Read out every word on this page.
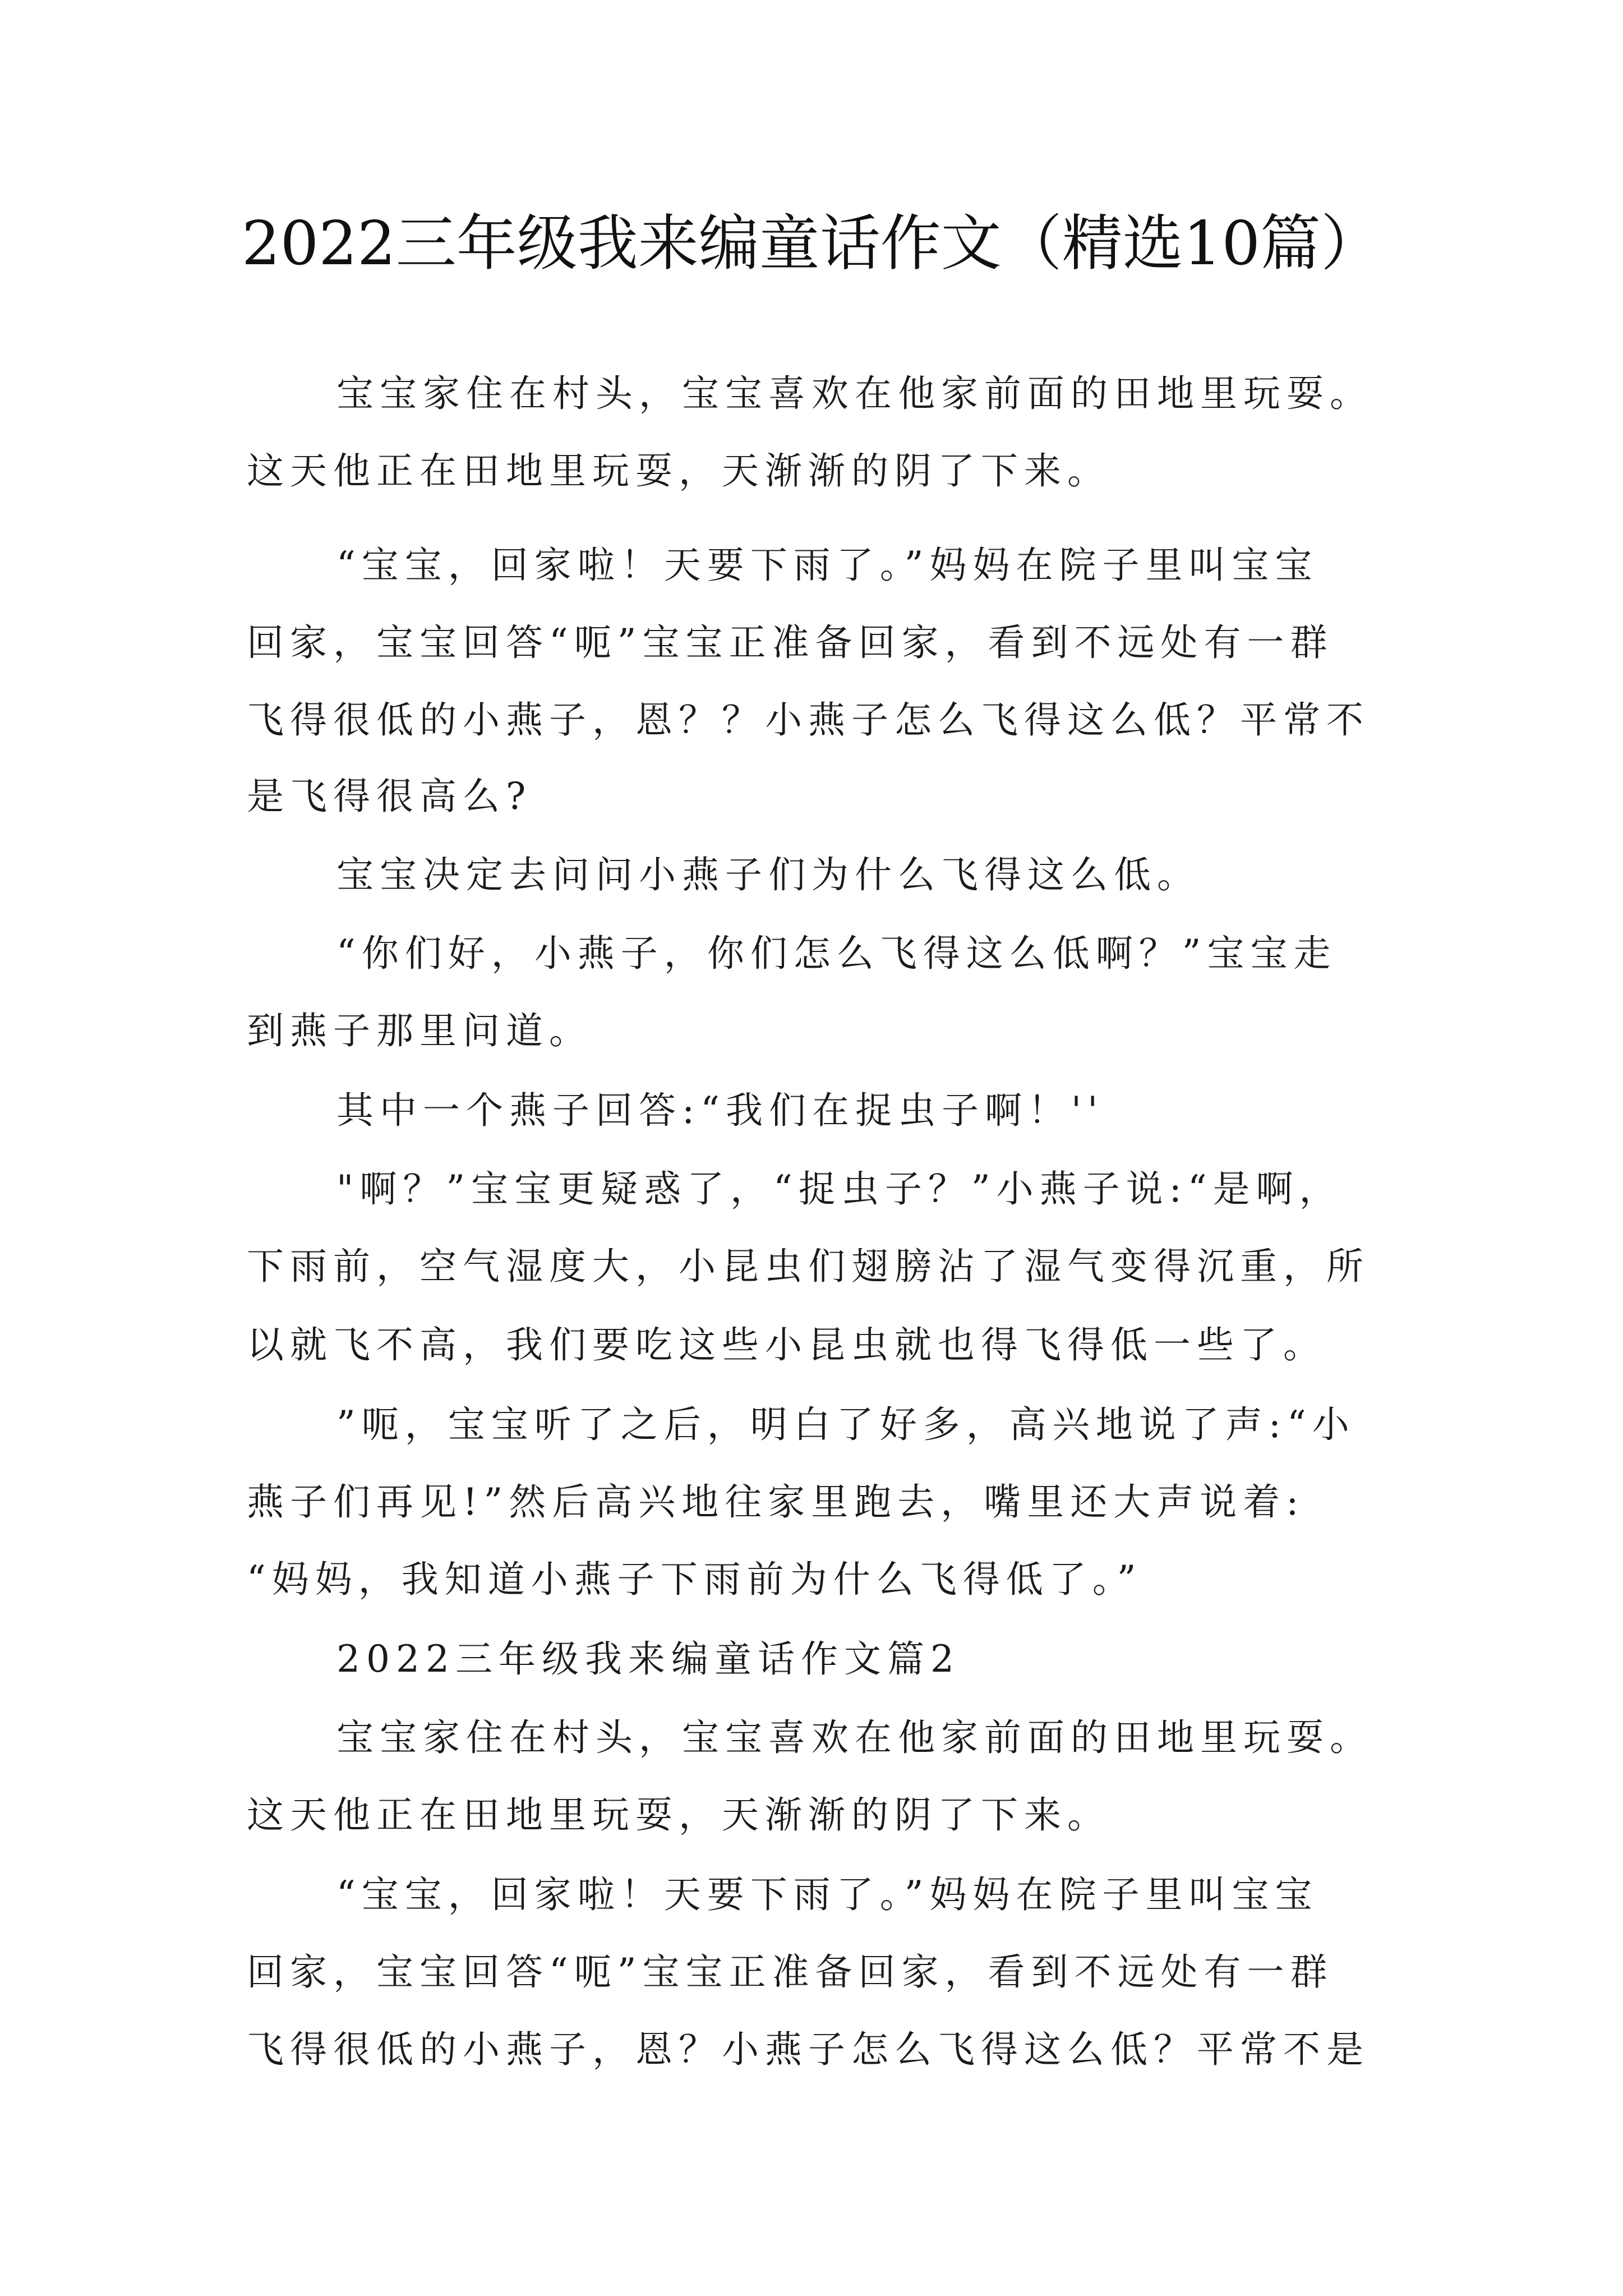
2022三年级我来编童话作文（精选10篇）
宝宝家住在村头，宝宝喜欢在他家前面的田地里玩耍。
这天他正在田地里玩耍，天渐渐的阴了下来。
“宝宝，回家啦！天要下雨了。”妈妈在院子里叫宝宝
回家，宝宝回答“呃”宝宝正准备回家，看到不远处有一群
飞得很低的小燕子，恩？？小燕子怎么飞得这么低？平常不
是飞得很高么?
宝宝决定去问问小燕子们为什么飞得这么低。
“你们好，小燕子，你们怎么飞得这么低啊？”宝宝走
到燕子那里问道。
其中一个燕子回答:“我们在捉虫子啊！''
"啊？”宝宝更疑惑了，“捉虫子？”小燕子说:“是啊，
下雨前，空气湿度大，小昆虫们翅膀沾了湿气变得沉重，所
以就飞不高，我们要吃这些小昆虫就也得飞得低一些了。
”呃，宝宝听了之后，明白了好多，高兴地说了声:“小
燕子们再见!”然后高兴地往家里跑去，嘴里还大声说着:
“妈妈，我知道小燕子下雨前为什么飞得低了。”
2022三年级我来编童话作文篇2
宝宝家住在村头，宝宝喜欢在他家前面的田地里玩耍。
这天他正在田地里玩耍，天渐渐的阴了下来。
“宝宝，回家啦！天要下雨了。”妈妈在院子里叫宝宝
回家，宝宝回答“呃”宝宝正准备回家，看到不远处有一群
飞得很低的小燕子，恩？小燕子怎么飞得这么低？平常不是
